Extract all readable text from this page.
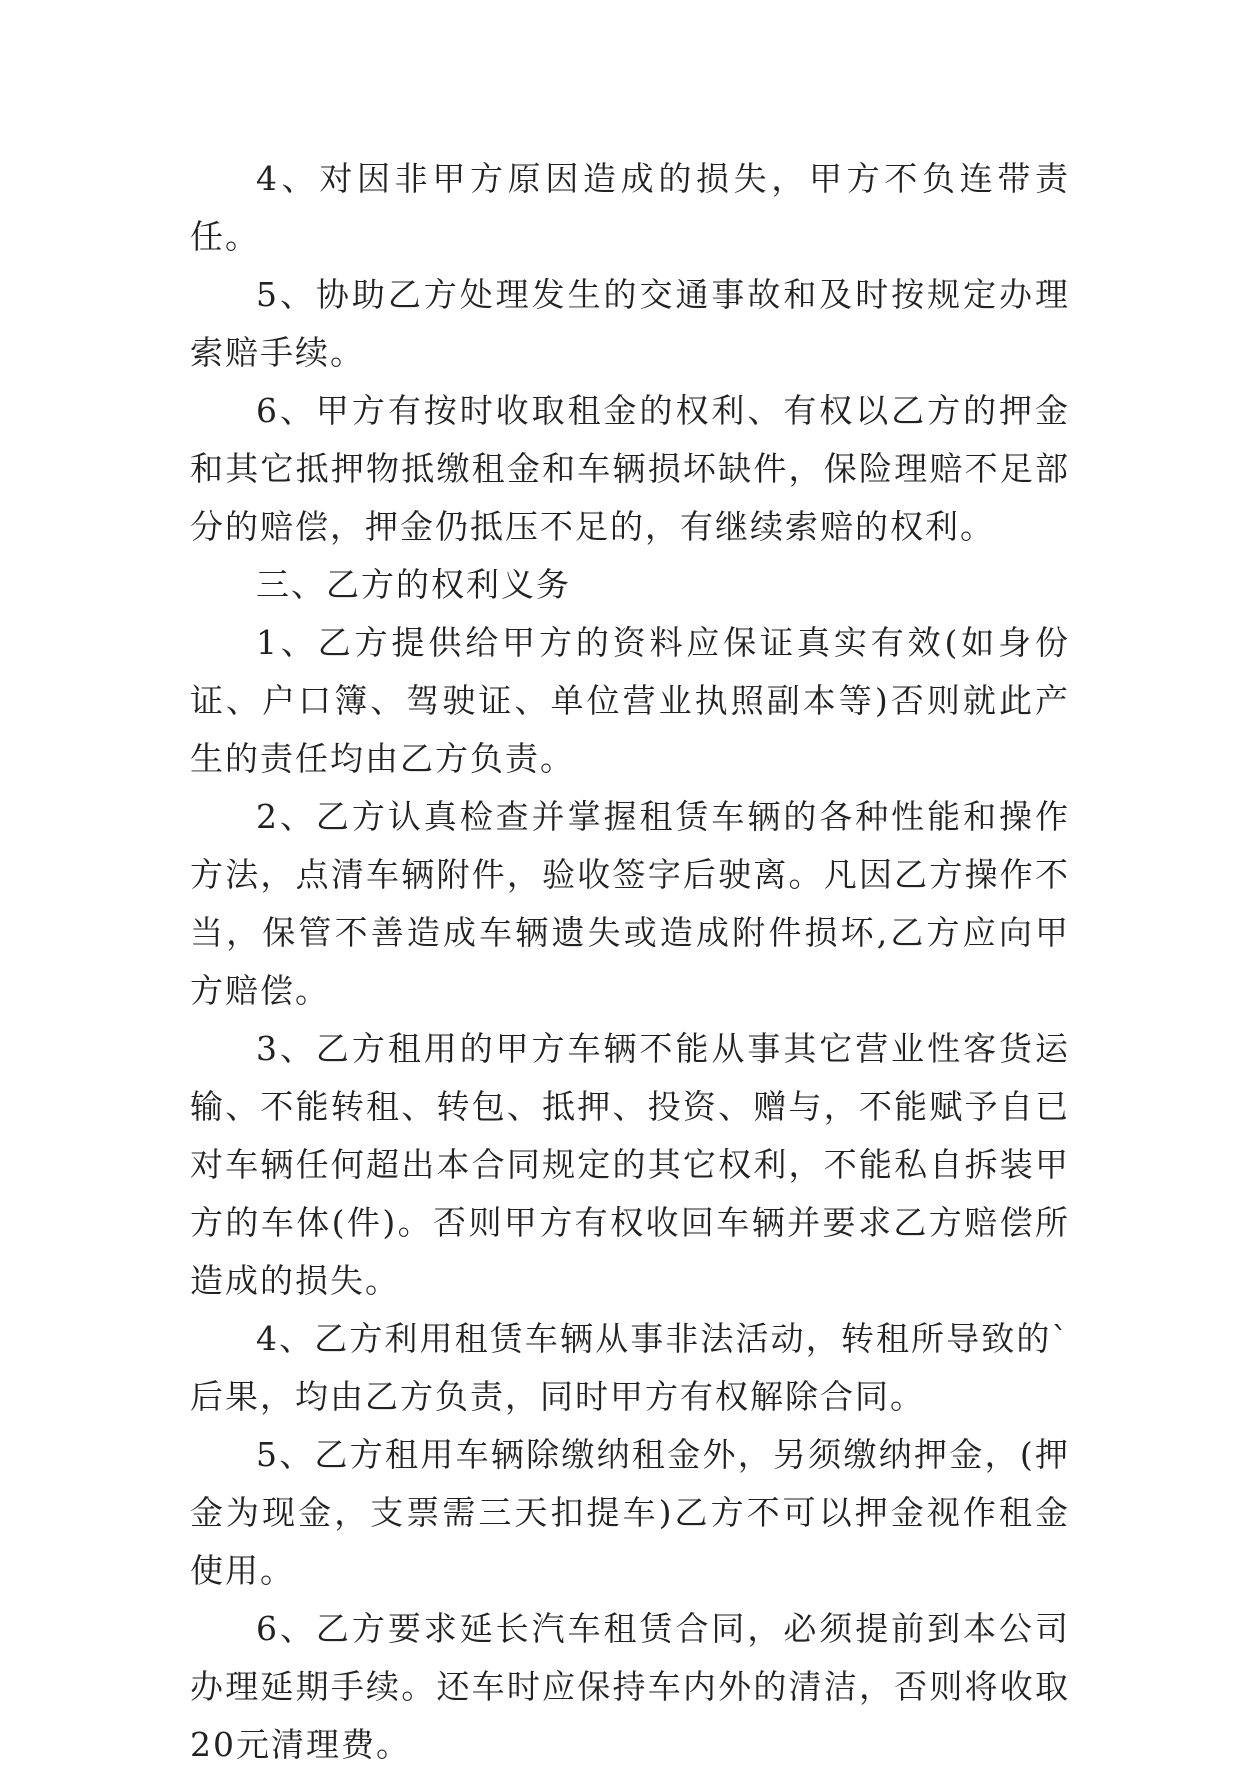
4、对因非甲方原因造成的损失，甲方不负连带责任。

5、协助乙方处理发生的交通事故和及时按规定办理索赔手续。

6、甲方有按时收取租金的权利、有权以乙方的押金和其它抵押物抵缴租金和车辆损坏缺件，保险理赔不足部分的赔偿，押金仍抵压不足的，有继续索赔的权利。

三、乙方的权利义务

1、乙方提供给甲方的资料应保证真实有效(如身份证、户口簿、驾驶证、单位营业执照副本等)否则就此产生的责任均由乙方负责。

2、乙方认真检查并掌握租赁车辆的各种性能和操作方法，点清车辆附件，验收签字后驶离。凡因乙方操作不当，保管不善造成车辆遗失或造成附件损坏,乙方应向甲方赔偿。

3、乙方租用的甲方车辆不能从事其它营业性客货运输、不能转租、转包、抵押、投资、赠与，不能赋予自已对车辆任何超出本合同规定的其它权利，不能私自拆装甲方的车体(件)。否则甲方有权收回车辆并要求乙方赔偿所造成的损失。

4、乙方利用租赁车辆从事非法活动，转租所导致的`后果，均由乙方负责，同时甲方有权解除合同。

5、乙方租用车辆除缴纳租金外，另须缴纳押金，(押金为现金，支票需三天扣提车)乙方不可以押金视作租金使用。

6、乙方要求延长汽车租赁合同，必须提前到本公司办理延期手续。还车时应保持车内外的清洁，否则将收取20元清理费。
